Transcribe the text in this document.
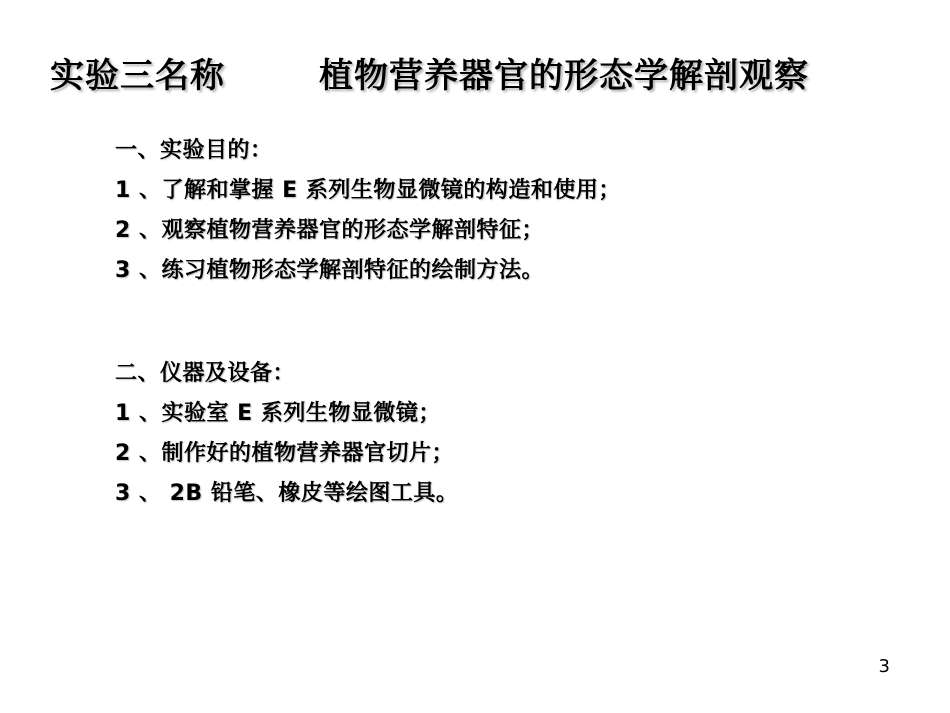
实验三名称	植物营养器官的形态学解剖观察
一、实验目的：
1 、了解和掌握 E 系列生物显微镜的构造和使用；
2 、观察植物营养器官的形态学解剖特征；
3 、练习植物形态学解剖特征的绘制方法。
二、仪器及设备：
1 、实验室 E 系列生物显微镜；
2 、制作好的植物营养器官切片；
3 、 2B 铅笔、橡皮等绘图工具。
3
